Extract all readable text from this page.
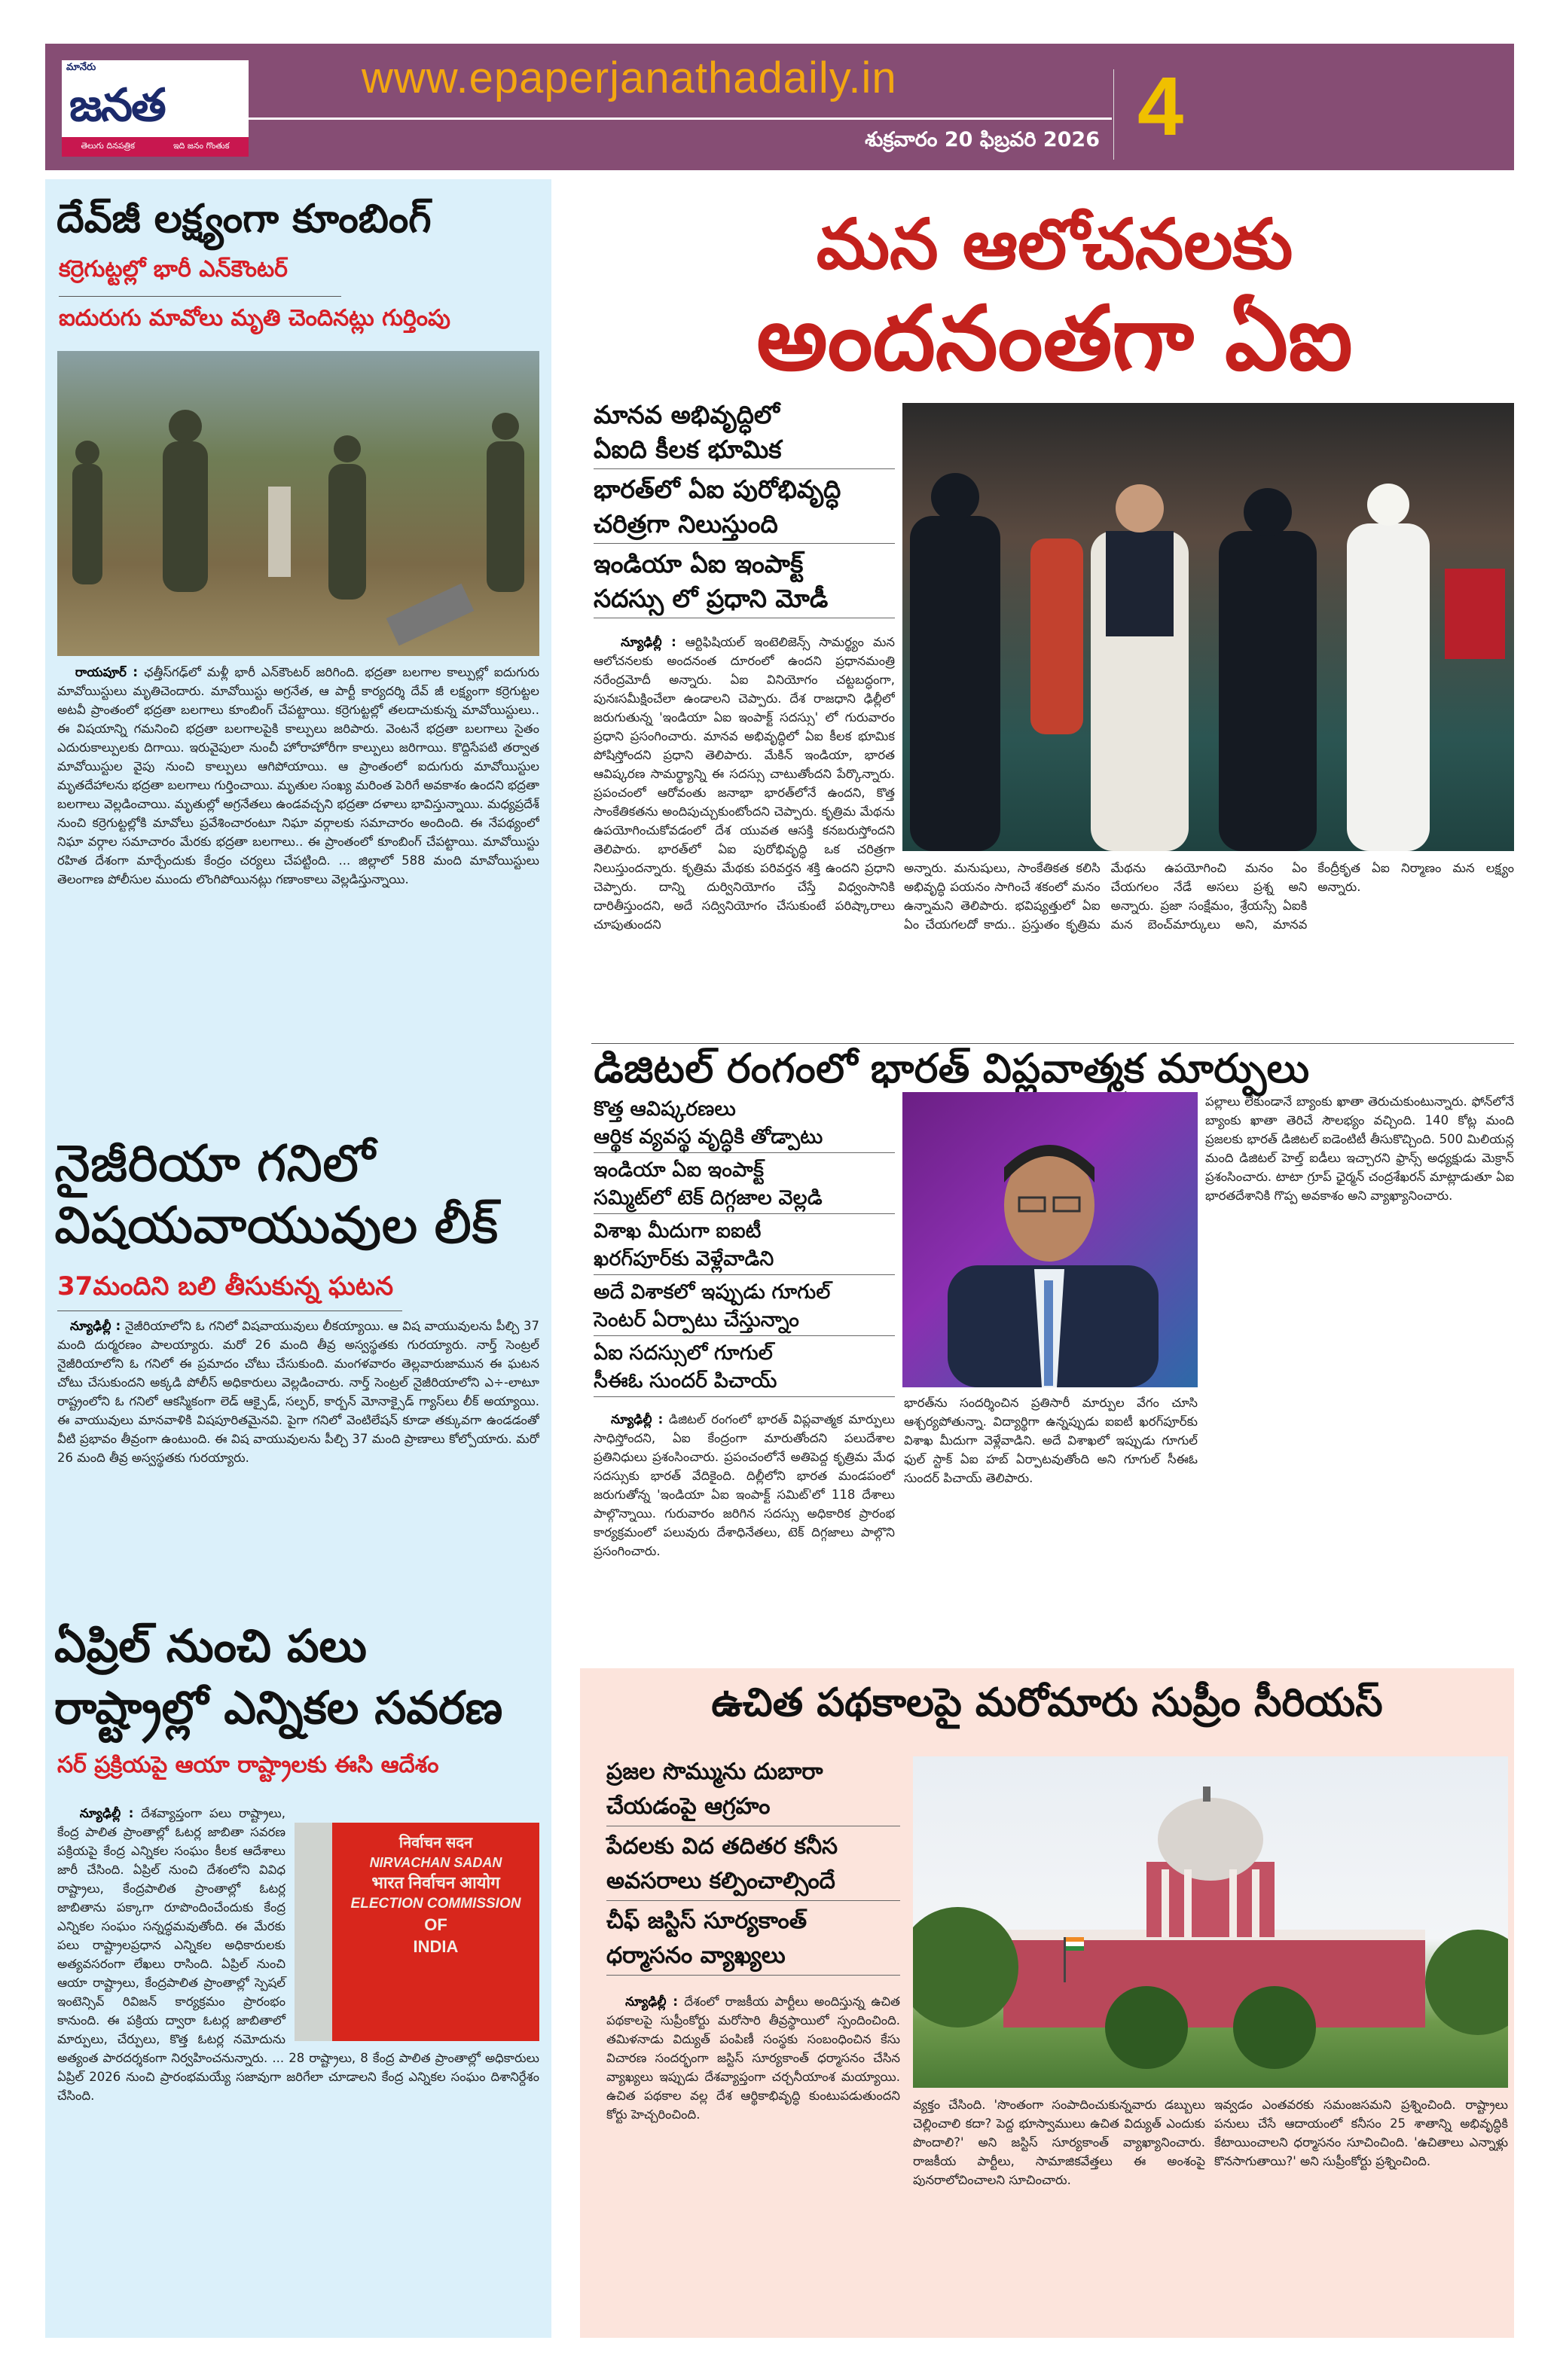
మానేరు
జనత
తెలుగు దినపత్రిక	ఇది జనం గొంతుక
www.epaperjanathadaily.in
శుక్రవారం 20 ఫిబ్రవరి 2026 4
దేవ్‌జీ లక్ష్యంగా కూంబింగ్
కర్రెగుట్టల్లో భారీ ఎన్‌కౌంటర్
ఐదురుగు మావోలు మృతి చెందినట్లు గుర్తింపు
రాయపూర్ : ఛత్తీస్‌గఢ్‌లో మళ్లీ భారీ ఎన్‌కౌంటర్ జరిగింది. భద్రతా బలగాల కాల్పుల్లో ఐదుగురు మావోయిస్టులు మృతిచెందారు. మావోయిస్టు అగ్రనేత, ఆ పార్టీ కార్యదర్శి దేవ్ జీ లక్ష్యంగా కర్రెగుట్టల అటవీ ప్రాంతంలో భద్రతా బలగాలు కూంబింగ్ చేపట్టాయి. కర్రెగుట్టల్లో తలదాచుకున్న మావోయిస్టులు.. ఈ విషయాన్ని గమనించి భద్రతా బలగాలపైకి కాల్పులు జరిపారు. వెంటనే భద్రతా బలగాలు సైతం ఎదురుకాల్పులకు దిగాయి. ఇరువైపులా నుంచీ హోరాహోరీగా కాల్పులు జరిగాయి. కొద్దిసేపటి తర్వాత మావోయిస్టుల వైపు నుంచి కాల్పులు ఆగిపోయాయి. ఆ ప్రాంతంలో ఐదుగురు మావోయిస్టుల మృతదేహాలను భద్రతా బలగాలు గుర్తించాయి. మృతుల సంఖ్య మరింత పెరిగే అవకాశం ఉందని భద్రతా బలగాలు వెల్లడించాయి. మృతుల్లో అగ్రనేతలు ఉండవచ్చని భద్రతా దళాలు భావిస్తున్నాయి. మధ్యప్రదేశ్ నుంచి కర్రెగుట్టల్లోకి మావోలు ప్రవేశించారంటూ నిఘా వర్గాలకు సమాచారం అందింది. ఈ నేపథ్యంలో నిఘా వర్గాల సమాచారం మేరకు భద్రతా బలగాలు.. ఈ ప్రాంతంలో కూంబింగ్ చేపట్టాయి. మావోయిస్టు రహిత దేశంగా మార్చేందుకు కేంద్రం చర్యలు చేపట్టింది. ... జిల్లాలో 588 మంది మావోయిస్టులు తెలంగాణ పోలీసుల ముందు లొంగిపోయినట్లు గణాంకాలు వెల్లడిస్తున్నాయి.
నైజీరియా గనిలో
విషయవాయువుల లీక్
37మందిని బలి తీసుకున్న ఘటన
న్యూఢిల్లీ : నైజీరియాలోని ఓ గనిలో విషవాయువులు లీకయ్యాయి. ఆ విష వాయువులను పీల్చి 37 మంది దుర్మరణం పాలయ్యారు. మరో 26 మంది తీవ్ర అస్వస్థతకు గురయ్యారు. నార్త్ సెంట్రల్ నైజీరియాలోని ఓ గనిలో ఈ ప్రమాదం చోటు చేసుకుంది. మంగళవారం తెల్లవారుజామున ఈ ఘటన చోటు చేసుకుందని అక్కడి పోలీస్ అధికారులు వెల్లడించారు. నార్త్ సెంట్రల్ నైజీరియాలోని ఎ÷-లాటూ రాష్ట్రంలోని ఓ గనిలో ఆకస్మికంగా లెడ్ ఆక్సైడ్, సల్ఫర్, కార్బన్ మోనాక్సైడ్ గ్యాస్‌లు లీక్ అయ్యాయి. ఈ వాయువులు మానవాళికి విషపూరితమైనవి. పైగా గనిలో వెంటిలేషన్ కూడా తక్కువగా ఉండడంతో వీటి ప్రభావం తీవ్రంగా ఉంటుంది. ఈ విష వాయువులను పీల్చి 37 మంది ప్రాణాలు కోల్పోయారు. మరో 26 మంది తీవ్ర అస్వస్థతకు గురయ్యారు.
ఏప్రిల్ నుంచి పలు
రాష్ట్రాల్లో ఎన్నికల సవరణ
సర్ ప్రక్రియపై ఆయా రాష్ట్రాలకు ఈసి ఆదేశం
निर्वाचन सदन
NIRVACHAN SADAN
भारत निर्वाचन आयोग
ELECTION COMMISSION
OF
INDIA
న్యూఢిల్లీ : దేశవ్యాప్తంగా పలు రాష్ట్రాలు, కేంద్ర పాలిత ప్రాంతాల్లో ఓటర్ల జాబితా సవరణ పక్రియపై కేంద్ర ఎన్నికల సంఘం కీలక ఆదేశాలు జారీ చేసింది. ఏప్రిల్ నుంచి దేశంలోని వివిధ రాష్ట్రాలు, కేంద్రపాలిత ప్రాంతాల్లో ఓటర్ల జాబితాను పక్కాగా రూపొందించేందుకు కేంద్ర ఎన్నికల సంఘం సన్నద్ధమవుతోంది. ఈ మేరకు పలు రాష్ట్రాలప్రధాన ఎన్నికల అధికారులకు అత్యవసరంగా లేఖలు రాసింది. ఏప్రిల్ నుంచి ఆయా రాష్ట్రాలు, కేంద్రపాలిత ప్రాంతాల్లో స్పెషల్ ఇంటెన్సివ్ రివిజన్ కార్యక్రమం ప్రారంభం కానుంది. ఈ పక్రియ ద్వారా ఓటర్ల జాబితాలో మార్పులు, చేర్పులు, కొత్త ఓటర్ల నమోదును అత్యంత పారదర్శకంగా నిర్వహించనున్నారు. ... 28 రాష్ట్రాలు, 8 కేంద్ర పాలిత ప్రాంతాల్లో అధికారులు ఏప్రిల్ 2026 నుంచి ప్రారంభమయ్యే సజావుగా జరిగేలా చూడాలని కేంద్ర ఎన్నికల సంఘం దిశానిర్దేశం చేసింది.
మన ఆలోచనలకు
అందనంతగా ఏఐ
మానవ అభివృద్ధిలో
ఏఐది కీలక భూమిక
భారత్‌లో ఏఐ పురోభివృద్ధి
చరిత్రగా నిలుస్తుంది
ఇండియా ఏఐ ఇంపాక్ట్
సదస్సు లో ప్రధాని మోడీ
న్యూఢిల్లీ : ఆర్టిఫిషియల్ ఇంటెలిజెన్స్ సామర్థ్యం మన ఆలోచనలకు అందనంత దూరంలో ఉందని ప్రధానమంత్రి నరేంద్రమోదీ అన్నారు. ఏఐ వినియోగం చట్టబద్ధంగా, పునఃసమీక్షించేలా ఉండాలని చెప్పారు. దేశ రాజధాని ఢిల్లీలో జరుగుతున్న 'ఇండియా ఏఐ ఇంపాక్ట్ సదస్సు' లో గురువారం ప్రధాని ప్రసంగించారు. మానవ అభివృద్ధిలో ఏఐ కీలక భూమిక పోషిస్తోందని ప్రధాని తెలిపారు. మేకిన్ ఇండియా, భారత ఆవిష్కరణ సామర్థ్యాన్ని ఈ సదస్సు చాటుతోందని పేర్కొన్నారు. ప్రపంచంలో ఆరోవంతు జనాభా భారత్‌లోనే ఉందని, కొత్త సాంకేతికతను అందిపుచ్చుకుంటోందని చెప్పారు. కృత్రిమ మేథను ఉపయోగించుకోవడంలో దేశ యువత ఆసక్తి కనబరుస్తోందని తెలిపారు. భారత్‌లో ఏఐ పురోభివృద్ధి ఒక చరిత్రగా నిలుస్తుందన్నారు. కృత్రిమ మేథకు పరివర్తన శక్తి ఉందని ప్రధాని చెప్పారు. దాన్ని దుర్వినియోగం చేస్తే విధ్వంసానికి దారితీస్తుందని, అదే సద్వినియోగం చేసుకుంటే పరిష్కారాలు చూపుతుందని
అన్నారు. మనుషులు, సాంకేతికత కలిసి అభివృద్ధి పయనం సాగించే శకంలో మనం ఉన్నామని తెలిపారు. భవిష్యత్తులో ఏఐ ఏం చేయగలదో కాదు.. ప్రస్తుతం కృత్రిమ మేథను ఉపయోగించి మనం ఏం చేయగలం నేడే అసలు ప్రశ్న అని అన్నారు. ప్రజా సంక్షేమం, శ్రేయస్సే ఏఐకి మన బెంచ్‌మార్కులు అని, మానవ కేంద్రీకృత ఏఐ నిర్మాణం మన లక్ష్యం అన్నారు.
డిజిటల్ రంగంలో భారత్ విప్లవాత్మక మార్పులు
కొత్త ఆవిష్కరణలు
ఆర్థిక వ్యవస్థ వృద్ధికి తోడ్పాటు
ఇండియా ఏఐ ఇంపాక్ట్
సమ్మిట్‌లో టెక్ దిగ్గజాల వెల్లడి
విశాఖ మీదుగా ఐఐటీ
ఖరగ్‌పూర్‌కు వెళ్లేవాడిని
అదే విశాకలో ఇప్పుడు గూగుల్
సెంటర్ ఏర్పాటు చేస్తున్నాం
ఏఐ సదస్సులో గూగుల్
సీఈఓ సుందర్ పిచాయ్
పల్లాలు లేకుండానే బ్యాంకు ఖాతా తెరుచుకుంటున్నారు. ఫోన్‌లోనే బ్యాంకు ఖాతా తెరిచే సౌలభ్యం వచ్చింది. 140 కోట్ల మంది ప్రజలకు భారత్ డిజిటల్ ఐడెంటిటీ తీసుకొచ్చింది. 500 మిలియన్ల మంది డిజిటల్ హెల్త్ ఐడీలు ఇచ్చారని ఫ్రాన్స్ అధ్యక్షుడు మెక్రాన్ ప్రశంసించారు. టాటా గ్రూప్ ఛైర్మన్ చంద్రశేఖరన్ మాట్లాడుతూ ఏఐ భారతదేశానికి గొప్ప అవకాశం అని వ్యాఖ్యానించారు.
న్యూఢిల్లీ : డిజిటల్ రంగంలో భారత్ విప్లవాత్మక మార్పులు సాధిస్తోందని, ఏఐ కేంద్రంగా మారుతోందని పలుదేశాల ప్రతినిధులు ప్రశంసించారు. ప్రపంచంలోనే అతిపెద్ద కృత్రిమ మేధ సదస్సుకు భారత్ వేదికైంది. దిల్లీలోని భారత మండపంలో జరుగుతోన్న 'ఇండియా ఏఐ ఇంపాక్ట్ సమిట్'లో 118 దేశాలు పాల్గొన్నాయి. గురువారం జరిగిన సదస్సు అధికారిక ప్రారంభ కార్యక్రమంలో పలువురు దేశాధినేతలు, టెక్ దిగ్గజాలు పాల్గొని ప్రసంగించారు.
భారత్‌ను సందర్శించిన ప్రతిసారీ మార్పుల వేగం చూసి ఆశ్చర్యపోతున్నా. విద్యార్థిగా ఉన్నప్పుడు ఐఐటీ ఖరగ్‌పూర్‌కు విశాఖ మీదుగా వెళ్లేవాడిని. అదే విశాఖలో ఇప్పుడు గూగుల్ ఫుల్ స్టాక్ ఏఐ హబ్ ఏర్పాటవుతోంది అని గూగుల్ సీఈఓ సుందర్ పిచాయ్ తెలిపారు.
ఉచిత పథకాలపై మరోమారు సుప్రీం సీరియస్
ప్రజల సొమ్మును దుబారా
చేయడంపై ఆగ్రహం
పేదలకు విద తదితర కనీస
అవసరాలు కల్పించాల్సిందే
చీఫ్ జస్టిస్ సూర్యకాంత్
ధర్మాసనం వ్యాఖ్యలు
న్యూఢిల్లీ : దేశంలో రాజకీయ పార్టీలు అందిస్తున్న ఉచిత పథకాలపై సుప్రీంకోర్టు మరోసారి తీవ్రస్థాయిలో స్పందించింది. తమిళనాడు విద్యుత్ పంపిణీ సంస్థకు సంబంధించిన కేసు విచారణ సందర్భంగా జస్టిస్ సూర్యకాంత్ ధర్మాసనం చేసిన వ్యాఖ్యలు ఇప్పుడు దేశవ్యాప్తంగా చర్చనీయాంశ మయ్యాయి. ఉచిత పథకాల వల్ల దేశ ఆర్థికాభివృద్ధి కుంటుపడుతుందని కోర్టు హెచ్చరించింది.
వ్యక్తం చేసింది. 'సొంతంగా సంపాదించుకున్నవారు డబ్బులు చెల్లించాలి కదా? పెద్ద భూస్వాములు ఉచిత విద్యుత్ ఎందుకు పొందాలి?' అని జస్టిస్ సూర్యకాంత్ వ్యాఖ్యానించారు. రాజకీయ పార్టీలు, సామాజికవేత్తలు ఈ అంశంపై పునరాలోచించాలని సూచించారు.
ఇవ్వడం ఎంతవరకు సమంజసమని ప్రశ్నించింది. రాష్ట్రాలు పనులు చేసే ఆదాయంలో కనీసం 25 శాతాన్ని అభివృద్ధికి కేటాయించాలని ధర్మాసనం సూచించింది. 'ఉచితాలు ఎన్నాళ్లు కొనసాగుతాయి?' అని సుప్రీంకోర్టు ప్రశ్నించింది.
